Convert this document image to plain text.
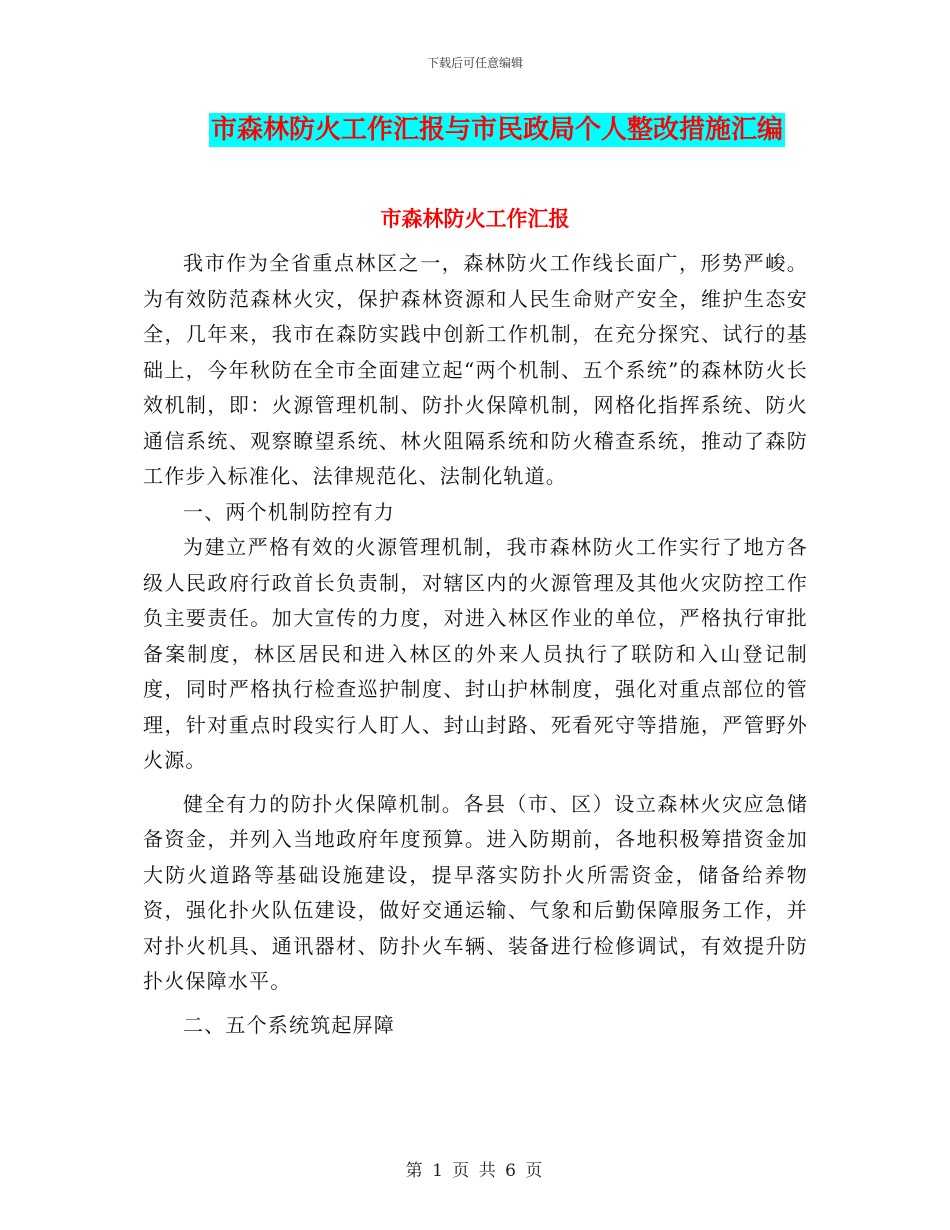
下载后可任意编辑
市森林防火工作汇报与市民政局个人整改措施汇编
市森林防火工作汇报

我市作为全省重点林区之一，森林防火工作线长面广，形势严峻。为有效防范森林火灾，保护森林资源和人民生命财产安全，维护生态安全，几年来，我市在森防实践中创新工作机制，在充分探究、试行的基础上，今年秋防在全市全面建立起“两个机制、五个系统”的森林防火长效机制，即：火源管理机制、防扑火保障机制，网格化指挥系统、防火通信系统、观察瞭望系统、林火阻隔系统和防火稽查系统，推动了森防工作步入标准化、法律规范化、法制化轨道。

一、两个机制防控有力

为建立严格有效的火源管理机制，我市森林防火工作实行了地方各级人民政府行政首长负责制，对辖区内的火源管理及其他火灾防控工作负主要责任。加大宣传的力度，对进入林区作业的单位，严格执行审批备案制度，林区居民和进入林区的外来人员执行了联防和入山登记制度，同时严格执行检查巡护制度、封山护林制度，强化对重点部位的管理，针对重点时段实行人盯人、封山封路、死看死守等措施，严管野外火源。

健全有力的防扑火保障机制。各县（市、区）设立森林火灾应急储备资金，并列入当地政府年度预算。进入防期前，各地积极筹措资金加大防火道路等基础设施建设，提早落实防扑火所需资金，储备给养物资，强化扑火队伍建设，做好交通运输、气象和后勤保障服务工作，并对扑火机具、通讯器材、防扑火车辆、装备进行检修调试，有效提升防扑火保障水平。

二、五个系统筑起屏障

第 1 页 共 6 页
